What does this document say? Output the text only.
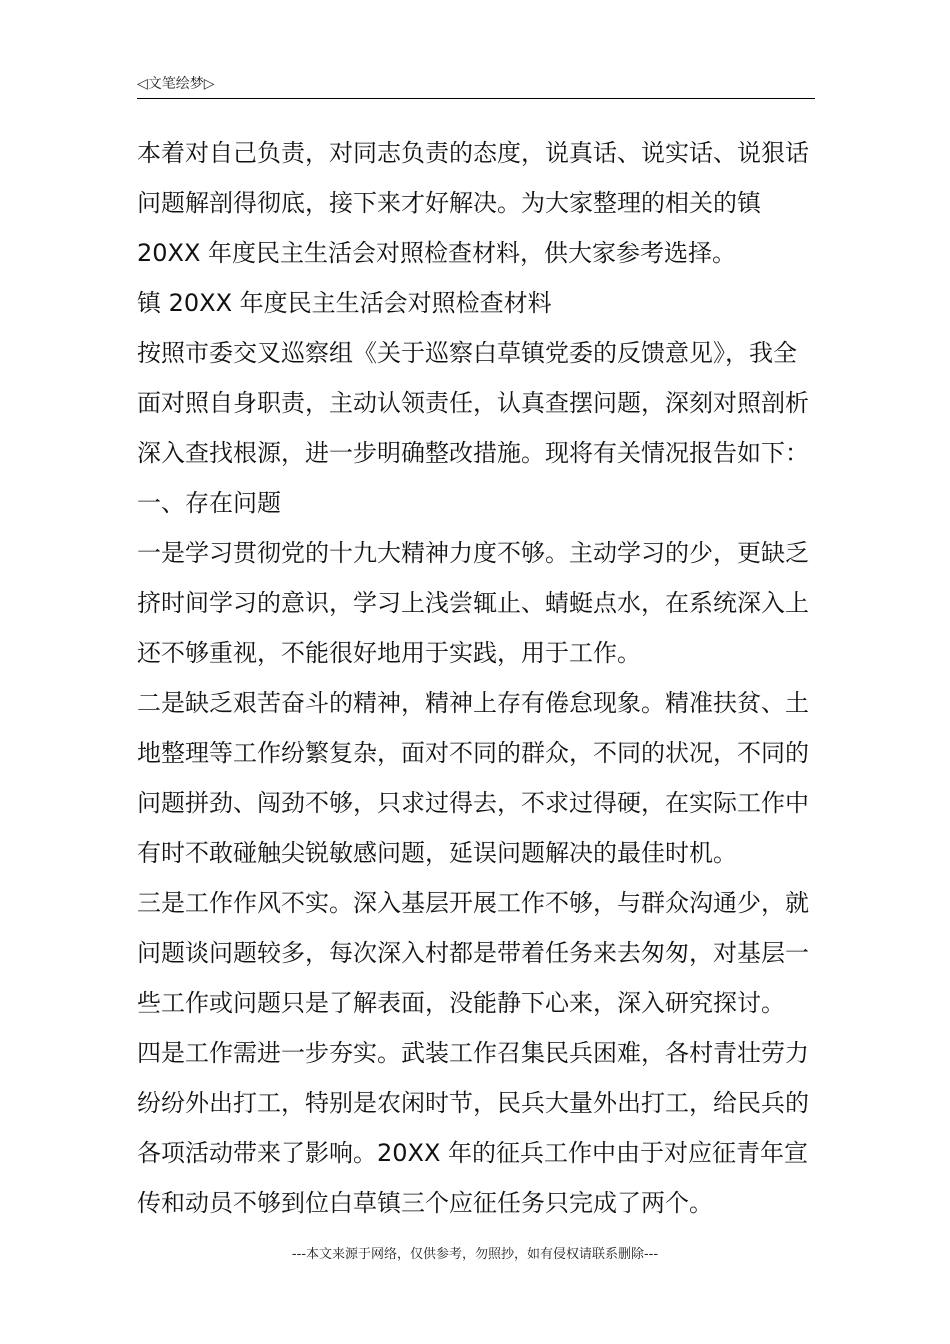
◁文笔绘梦▷
本着对自己负责，对同志负责的态度，说真话、说实话、说狠话
问题解剖得彻底，接下来才好解决。为大家整理的相关的镇
20XX 年度民主生活会对照检查材料，供大家参考选择。
镇 20XX 年度民主生活会对照检查材料
按照市委交叉巡察组《关于巡察白草镇党委的反馈意见》，我全
面对照自身职责，主动认领责任，认真查摆问题，深刻对照剖析
深入查找根源，进一步明确整改措施。现将有关情况报告如下：
一、存在问题
一是学习贯彻党的十九大精神力度不够。主动学习的少，更缺乏
挤时间学习的意识，学习上浅尝辄止、蜻蜓点水，在系统深入上
还不够重视，不能很好地用于实践，用于工作。
二是缺乏艰苦奋斗的精神，精神上存有倦怠现象。精准扶贫、土
地整理等工作纷繁复杂，面对不同的群众，不同的状况，不同的
问题拼劲、闯劲不够，只求过得去，不求过得硬，在实际工作中
有时不敢碰触尖锐敏感问题，延误问题解决的最佳时机。
三是工作作风不实。深入基层开展工作不够，与群众沟通少，就
问题谈问题较多，每次深入村都是带着任务来去匆匆，对基层一
些工作或问题只是了解表面，没能静下心来，深入研究探讨。
四是工作需进一步夯实。武装工作召集民兵困难，各村青壮劳力
纷纷外出打工，特别是农闲时节，民兵大量外出打工，给民兵的
各项活动带来了影响。20XX 年的征兵工作中由于对应征青年宣
传和动员不够到位白草镇三个应征任务只完成了两个。
---本文来源于网络，仅供参考，勿照抄，如有侵权请联系删除---
